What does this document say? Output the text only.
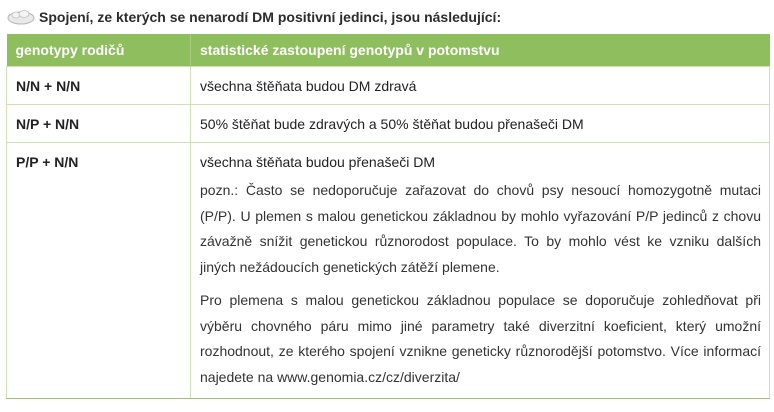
Spojení, ze kterých se nenarodí DM positivní jedinci, jsou následující:
genotypy rodičů	statistické zastoupení genotypů v potomstvu
N/N + N/N	všechna štěňata budou DM zdravá
N/P + N/N	50% štěňat bude zdravých a 50% štěňat budou přenašeči DM
P/P + N/N	všechna štěňata budou přenašeči DM

pozn.: Často se nedoporučuje zařazovat do chovů psy nesoucí homozygotně mutaci (P/P). U plemen s malou genetickou základnou by mohlo vyřazování P/P jedinců z chovu závažně snížit genetickou různorodost populace. To by mohlo vést ke vzniku dalších jiných nežádoucích genetických zátěží plemene.

Pro plemena s malou genetickou základnou populace se doporučuje zohledňovat při výběru chovného páru mimo jiné parametry také diverzitní koeficient, který umožní rozhodnout, ze kterého spojení vznikne geneticky různorodější potomstvo. Více informací najedete na www.genomia.cz/cz/diverzita/
